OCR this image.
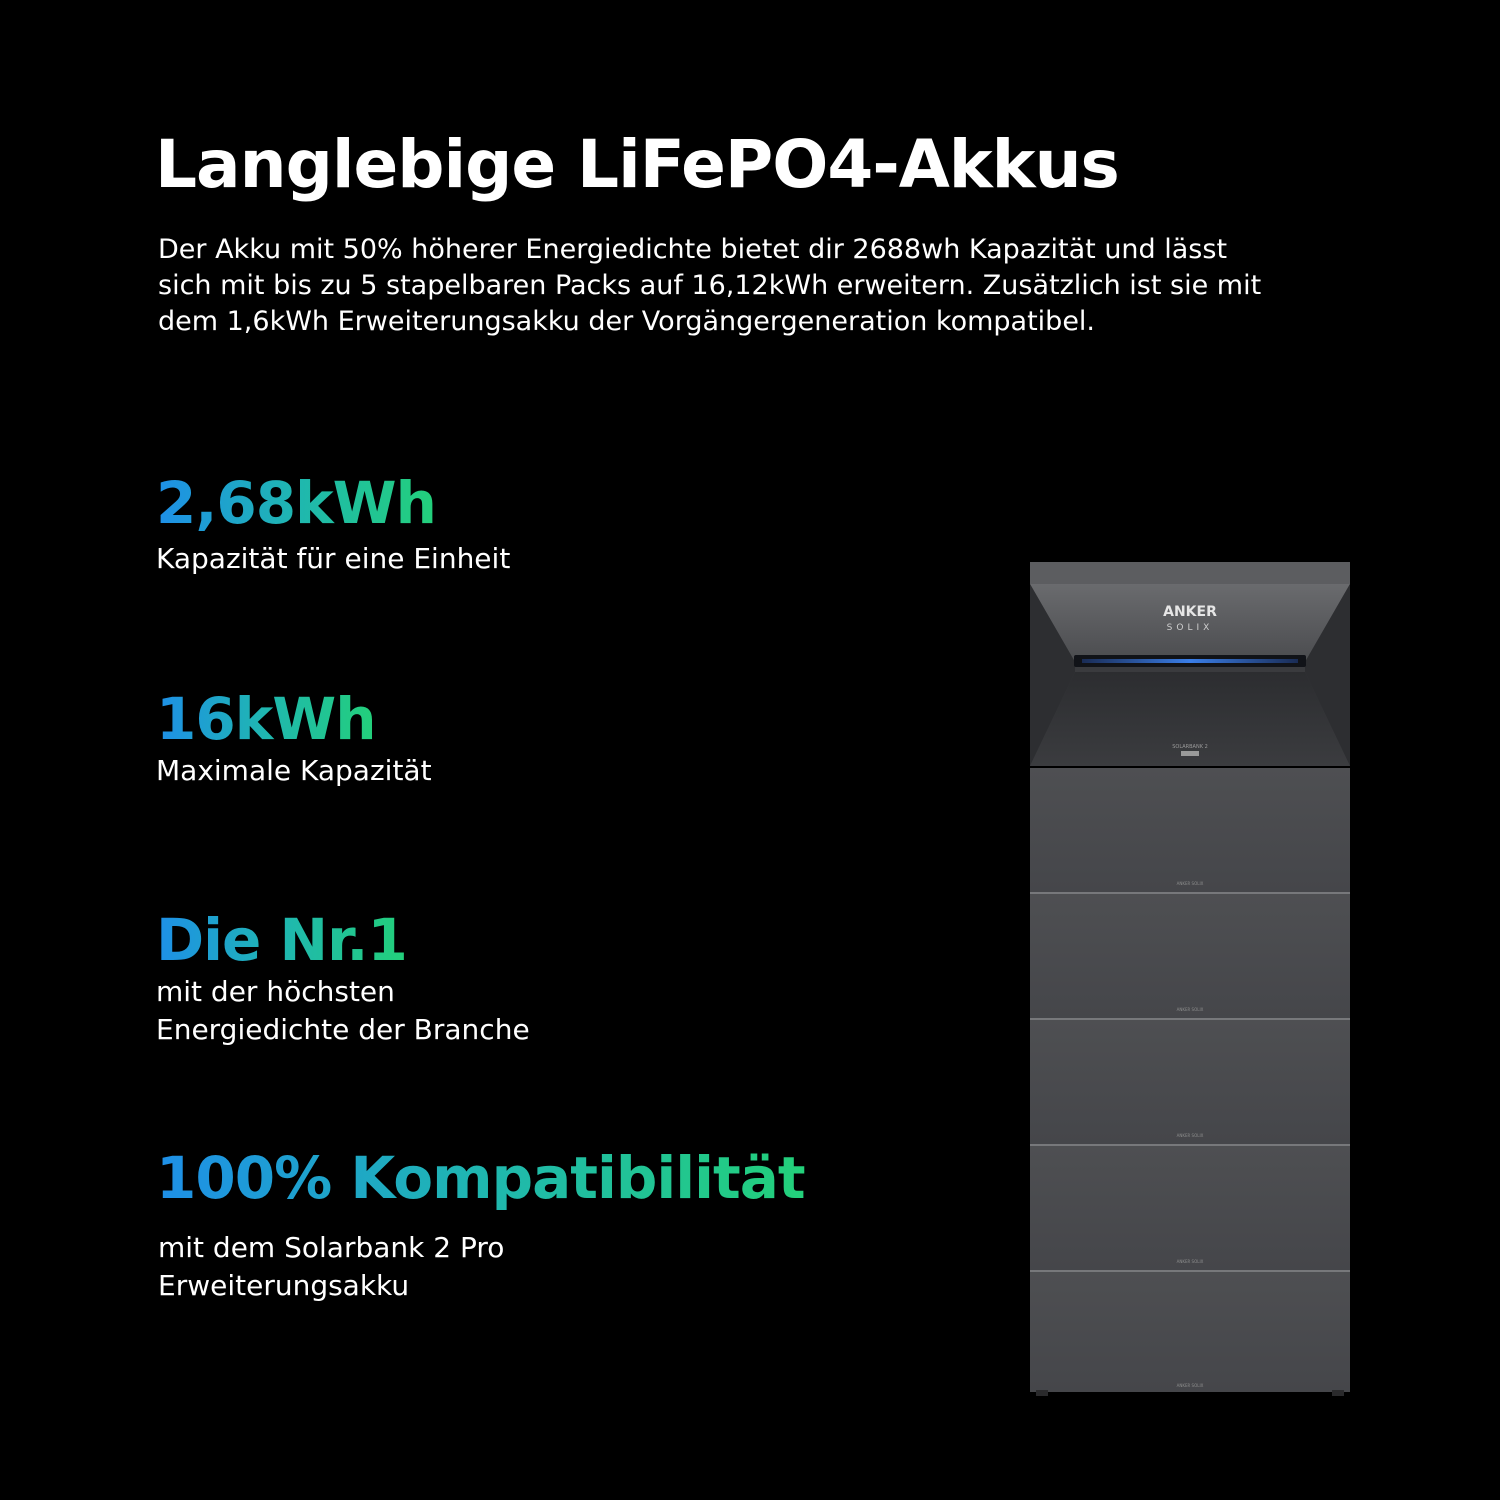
Langlebige LiFePO4-Akkus
Der Akku mit 50% höherer Energiedichte bietet dir 2688wh Kapazität und lässt
sich mit bis zu 5 stapelbaren Packs auf 16,12kWh erweitern. Zusätzlich ist sie mit
dem 1,6kWh Erweiterungsakku der Vorgängergeneration kompatibel.
2,68kWh
Kapazität für eine Einheit
16kWh
Maximale Kapazität
Die Nr.1
mit der höchsten
Energiedichte der Branche
100% Kompatibilität
mit dem Solarbank 2 Pro
Erweiterungsakku
ANKER
SOLIX
SOLARBANK 2
ANKER SOLIX
ANKER SOLIX
ANKER SOLIX
ANKER SOLIX
ANKER SOLIX
